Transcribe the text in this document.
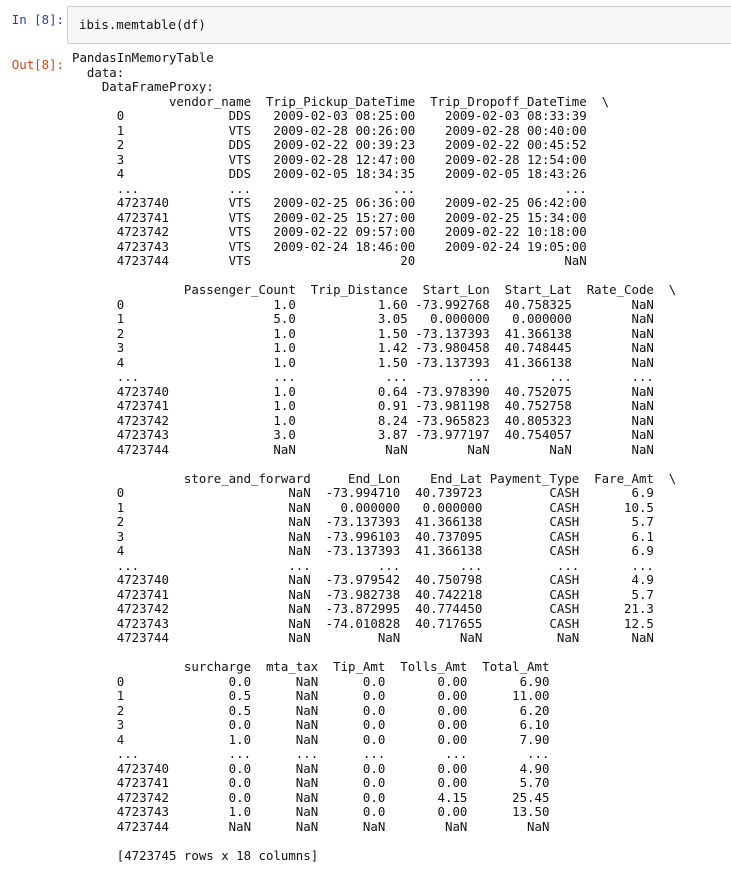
In [8]: ibis.memtable(df)
Out[8]: PandasInMemoryTable
data:
DataFrameProxy:
vendor_name  Trip_Pickup_DateTime  Trip_Dropoff_DateTime  \
0              DDS   2009-02-03 08:25:00    2009-02-03 08:33:39
1              VTS   2009-02-28 00:26:00    2009-02-28 00:40:00
2              DDS   2009-02-22 00:39:23    2009-02-22 00:45:52
3              VTS   2009-02-28 12:47:00    2009-02-28 12:54:00
4              DDS   2009-02-05 18:34:35    2009-02-05 18:43:26
...            ...                   ...                    ...
4723740        VTS   2009-02-25 06:36:00    2009-02-25 06:42:00
4723741        VTS   2009-02-25 15:27:00    2009-02-25 15:34:00
4723742        VTS   2009-02-22 09:57:00    2009-02-22 10:18:00
4723743        VTS   2009-02-24 18:46:00    2009-02-24 19:05:00
4723744        VTS                    20                    NaN
Passenger_Count  Trip_Distance  Start_Lon  Start_Lat  Rate_Code  \
0                    1.0           1.60 -73.992768  40.758325        NaN
1                    5.0           3.05   0.000000   0.000000        NaN
2                    1.0           1.50 -73.137393  41.366138        NaN
3                    1.0           1.42 -73.980458  40.748445        NaN
4                    1.0           1.50 -73.137393  41.366138        NaN
...                  ...            ...        ...        ...        ...
4723740              1.0           0.64 -73.978390  40.752075        NaN
4723741              1.0           0.91 -73.981198  40.752758        NaN
4723742              1.0           8.24 -73.965823  40.805323        NaN
4723743              3.0           3.87 -73.977197  40.754057        NaN
4723744              NaN            NaN        NaN        NaN        NaN
store_and_forward     End_Lon    End_Lat Payment_Type  Fare_Amt  \
0                      NaN  -73.994710  40.739723         CASH       6.9
1                      NaN    0.000000   0.000000         CASH      10.5
2                      NaN  -73.137393  41.366138         CASH       5.7
3                      NaN  -73.996103  40.737095         CASH       6.1
4                      NaN  -73.137393  41.366138         CASH       6.9
...                    ...         ...        ...          ...       ...
4723740                NaN  -73.979542  40.750798         CASH       4.9
4723741                NaN  -73.982738  40.742218         CASH       5.7
4723742                NaN  -73.872995  40.774450         CASH      21.3
4723743                NaN  -74.010828  40.717655         CASH      12.5
4723744                NaN         NaN        NaN          NaN       NaN
surcharge  mta_tax  Tip_Amt  Tolls_Amt  Total_Amt
0              0.0      NaN      0.0       0.00       6.90
1              0.5      NaN      0.0       0.00      11.00
2              0.5      NaN      0.0       0.00       6.20
3              0.0      NaN      0.0       0.00       6.10
4              1.0      NaN      0.0       0.00       7.90
...            ...      ...      ...        ...        ...
4723740        0.0      NaN      0.0       0.00       4.90
4723741        0.0      NaN      0.0       0.00       5.70
4723742        0.0      NaN      0.0       4.15      25.45
4723743        1.0      NaN      0.0       0.00      13.50
4723744        NaN      NaN      NaN        NaN        NaN
[4723745 rows x 18 columns]
